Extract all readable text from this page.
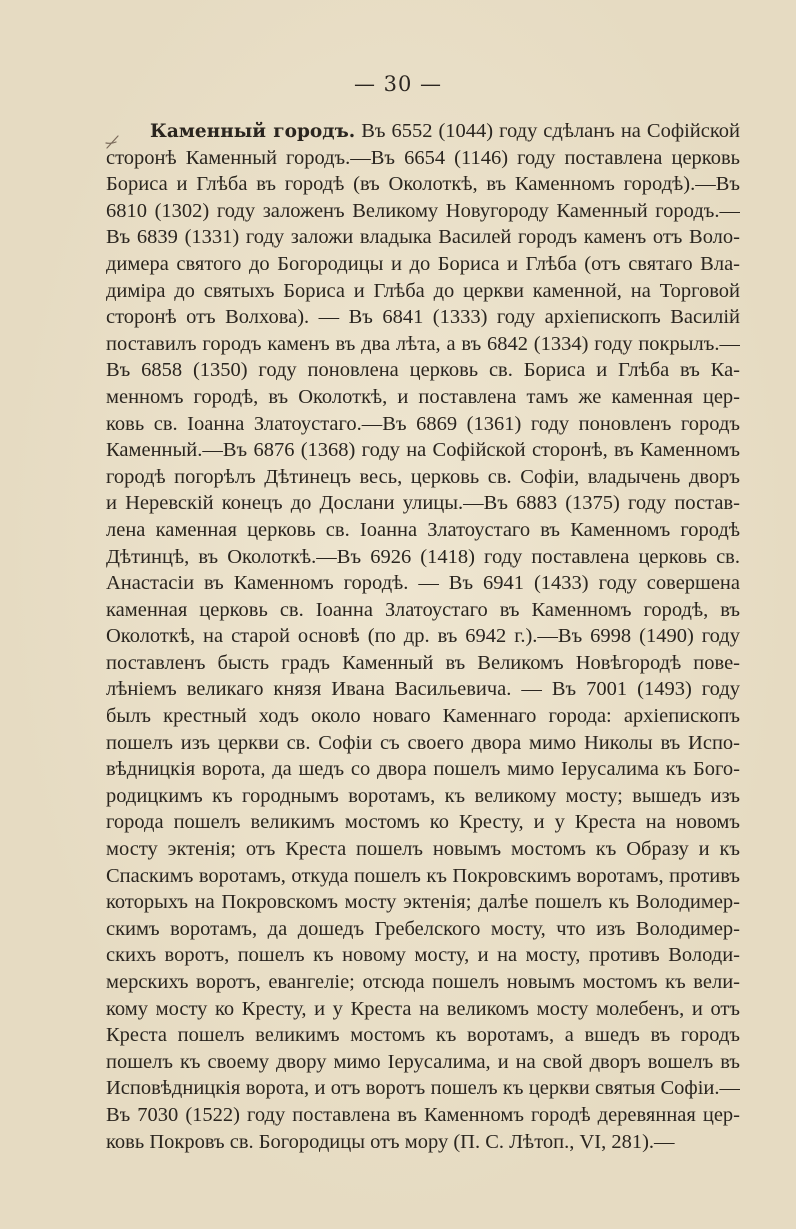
— 30 —
Каменный городъ. Въ 6552 (1044) году сдѣланъ на Софійской
сторонѣ Каменный городъ.—Въ 6654 (1146) году поставлена церковь
Бориса и Глѣба въ городѣ (въ Околоткѣ, въ Каменномъ городѣ).—Въ
6810 (1302) году заложенъ Великому Новугороду Каменный городъ.—
Въ 6839 (1331) году заложи владыка Василей городъ каменъ отъ Воло-
димера святого до Богородицы и до Бориса и Глѣба (отъ святаго Вла-
диміра до святыхъ Бориса и Глѣба до церкви каменной, на Торговой
сторонѣ отъ Волхова). — Въ 6841 (1333) году архіепископъ Василій
поставилъ городъ каменъ въ два лѣта, а въ 6842 (1334) году покрылъ.—
Въ 6858 (1350) году поновлена церковь св. Бориса и Глѣба въ Ка-
менномъ городѣ, въ Околоткѣ, и поставлена тамъ же каменная цер-
ковь св. Іоанна Златоустаго.—Въ 6869 (1361) году поновленъ городъ
Каменный.—Въ 6876 (1368) году на Софійской сторонѣ, въ Каменномъ
городѣ погорѣлъ Дѣтинецъ весь, церковь св. Софіи, владычень дворъ
и Неревскій конецъ до Дослани улицы.—Въ 6883 (1375) году постав-
лена каменная церковь св. Іоанна Златоустаго въ Каменномъ городѣ
Дѣтинцѣ, въ Околоткѣ.—Въ 6926 (1418) году поставлена церковь св.
Анастасіи въ Каменномъ городѣ. — Въ 6941 (1433) году совершена
каменная церковь св. Іоанна Златоустаго въ Каменномъ городѣ, въ
Околоткѣ, на старой основѣ (по др. въ 6942 г.).—Въ 6998 (1490) году
поставленъ бысть градъ Каменный въ Великомъ Новѣгородѣ пове-
лѣніемъ великаго князя Ивана Васильевича. — Въ 7001 (1493) году
былъ крестный ходъ около новаго Каменнаго города: архіепископъ
пошелъ изъ церкви св. Софіи съ своего двора мимо Николы въ Испо-
вѣдницкія ворота, да шедъ со двора пошелъ мимо Іерусалима къ Бого-
родицкимъ къ городнымъ воротамъ, къ великому мосту; вышедъ изъ
города пошелъ великимъ мостомъ ко Кресту, и у Креста на новомъ
мосту эктенія; отъ Креста пошелъ новымъ мостомъ къ Образу и къ
Спаскимъ воротамъ, откуда пошелъ къ Покровскимъ воротамъ, противъ
которыхъ на Покровскомъ мосту эктенія; далѣе пошелъ къ Володимер-
скимъ воротамъ, да дошедъ Гребелского мосту, что изъ Володимер-
скихъ воротъ, пошелъ къ новому мосту, и на мосту, противъ Володи-
мерскихъ воротъ, евангеліе; отсюда пошелъ новымъ мостомъ къ вели-
кому мосту ко Кресту, и у Креста на великомъ мосту молебенъ, и отъ
Креста пошелъ великимъ мостомъ къ воротамъ, а вшедъ въ городъ
пошелъ къ своему двору мимо Іерусалима, и на свой дворъ вошелъ въ
Исповѣдницкія ворота, и отъ воротъ пошелъ къ церкви святыя Софіи.—
Въ 7030 (1522) году поставлена въ Каменномъ городѣ деревянная цер-
ковь Покровъ св. Богородицы отъ мору (П. С. Лѣтоп., VI, 281).—
